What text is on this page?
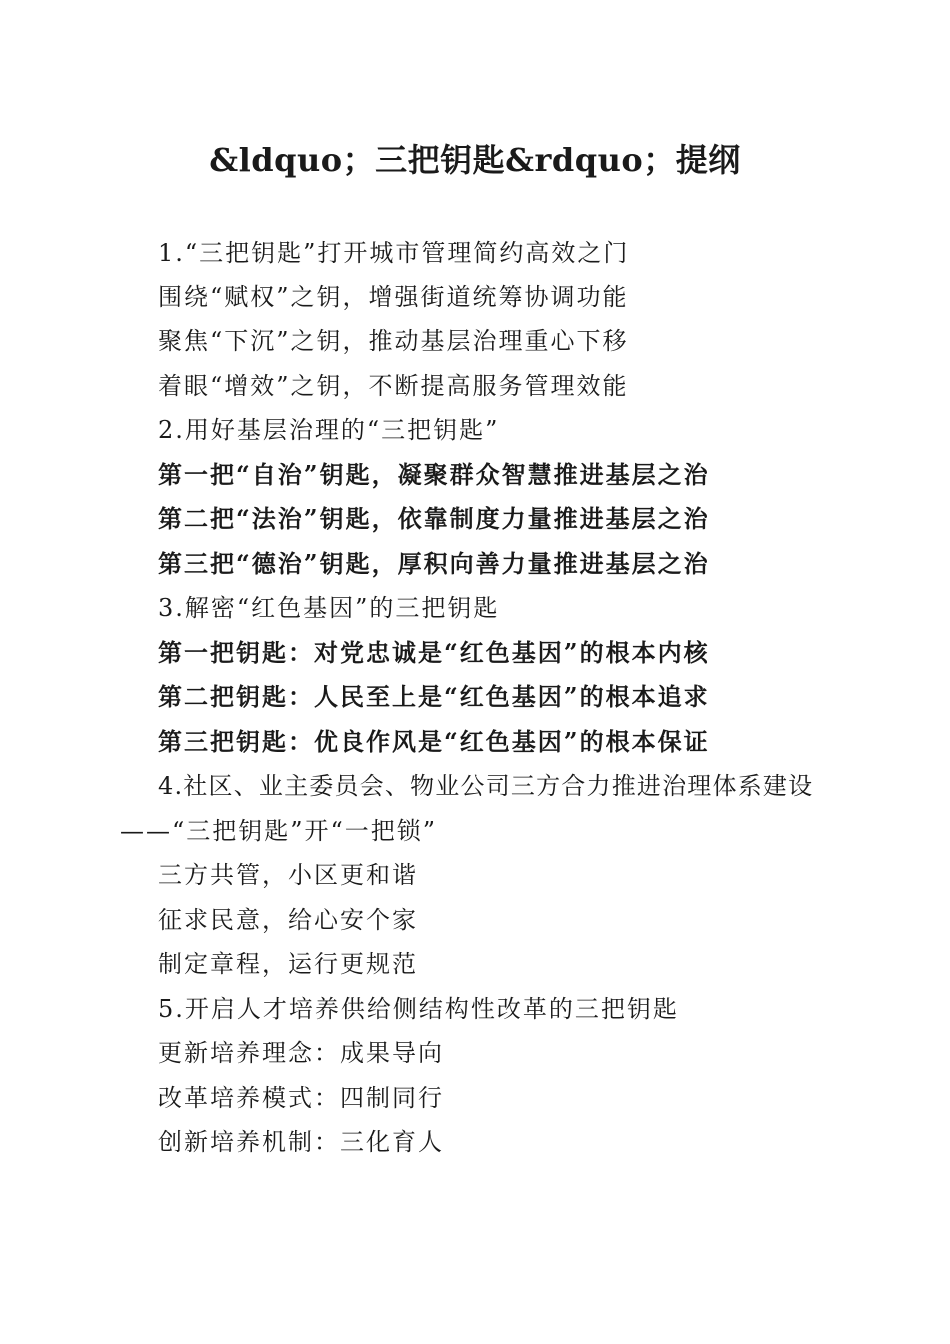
&ldquo；三把钥匙&rdquo；提纲
1.“三把钥匙”打开城市管理简约高效之门
围绕“赋权”之钥，增强街道统筹协调功能
聚焦“下沉”之钥，推动基层治理重心下移
着眼“增效”之钥，不断提高服务管理效能
2.用好基层治理的“三把钥匙”
第一把“自治”钥匙，凝聚群众智慧推进基层之治
第二把“法治”钥匙，依靠制度力量推进基层之治
第三把“德治”钥匙，厚积向善力量推进基层之治
3.解密“红色基因”的三把钥匙
第一把钥匙：对党忠诚是“红色基因”的根本内核
第二把钥匙：人民至上是“红色基因”的根本追求
第三把钥匙：优良作风是“红色基因”的根本保证
4.社区、业主委员会、物业公司三方合力推进治理体系建设
——“三把钥匙”开“一把锁”
三方共管，小区更和谐
征求民意，给心安个家
制定章程，运行更规范
5.开启人才培养供给侧结构性改革的三把钥匙
更新培养理念：成果导向
改革培养模式：四制同行
创新培养机制：三化育人
